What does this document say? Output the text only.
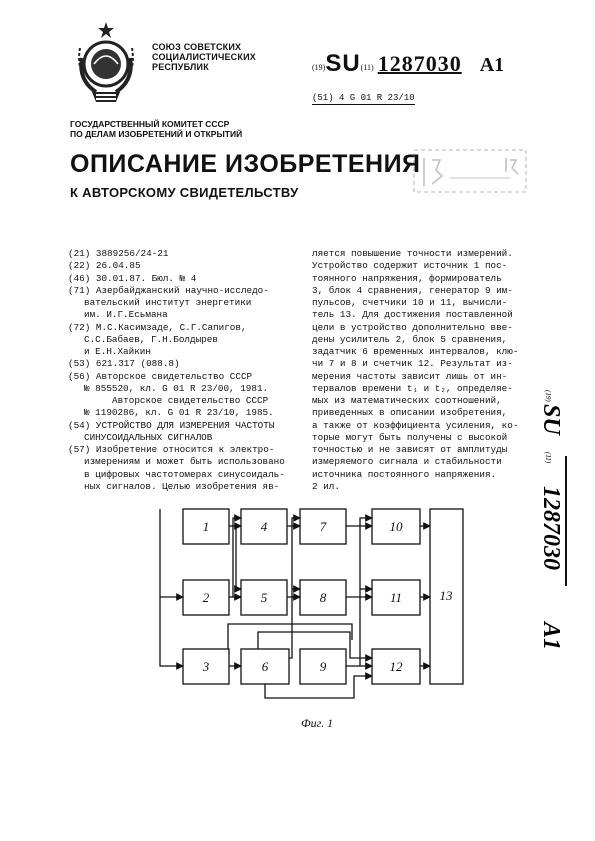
СОЮЗ СОВЕТСКИХ
СОЦИАЛИСТИЧЕСКИХ
РЕСПУБЛИК	(19)SU(11) 1287030 A1
(51) 4 G 01 R 23/10
ГОСУДАРСТВЕННЫЙ КОМИТЕТ СССР
ПО ДЕЛАМ ИЗОБРЕТЕНИЙ И ОТКРЫТИЙ
ОПИСАНИЕ ИЗОБРЕТЕНИЯ
К АВТОРСКОМУ СВИДЕТЕЛЬСТВУ
(21) 3889256/24-21
(22) 26.04.85
(46) 30.01.87. Бюл. № 4
(71) Азербайджанский научно-исследо-
вательский институт энергетики
им. И.Г.Есьмана
(72) М.С.Касимзаде, С.Г.Сапигов,
С.С.Бабаев, Г.Н.Болдырев
и Е.Н.Хайкин
(53) 621.317 (088.8)
(56) Авторское свидетельство СССР
№ 855520, кл. G 01 R 23/00, 1981.
Авторское свидетельство СССР
№ 1190286, кл. G 01 R 23/10, 1985.
(54) УСТРОЙСТВО ДЛЯ ИЗМЕРЕНИЯ ЧАСТОТЫ
СИНУСОИДАЛЬНЫХ СИГНАЛОВ
(57) Изобретение относится к электро-
измерениям и может быть использовано
в цифровых частотомерах синусоидаль-
ных сигналов. Целью изобретения яв-
ляется повышение точности измерений.
Устройство содержит источник 1 пос-
тоянного напряжения, формирователь
3, блок 4 сравнения, генератор 9 им-
пульсов, счетчики 10 и 11, вычисли-
тель 13. Для достижения поставленной
цели в устройство дополнительно вве-
дены усилитель 2, блок 5 сравнения,
задатчик 6 временных интервалов, клю-
чи 7 и 8 и счетчик 12. Результат из-
мерения частоты зависит лишь от ин-
тервалов времени t₁ и t₂, определяе-
мых из математических соотношений,
приведенных в описании изобретения,
а также от коэффициента усиления, ко-
торые могут быть получены с высокой
точностью и не зависят от амплитуды
измеряемого сигнала и стабильности
источника постоянного напряжения.
2 ил.
(19)
SU
(11)
1287030
A1
1
2
3
4
5
6
7
8
9
10
11
12
13
Фиг. 1
